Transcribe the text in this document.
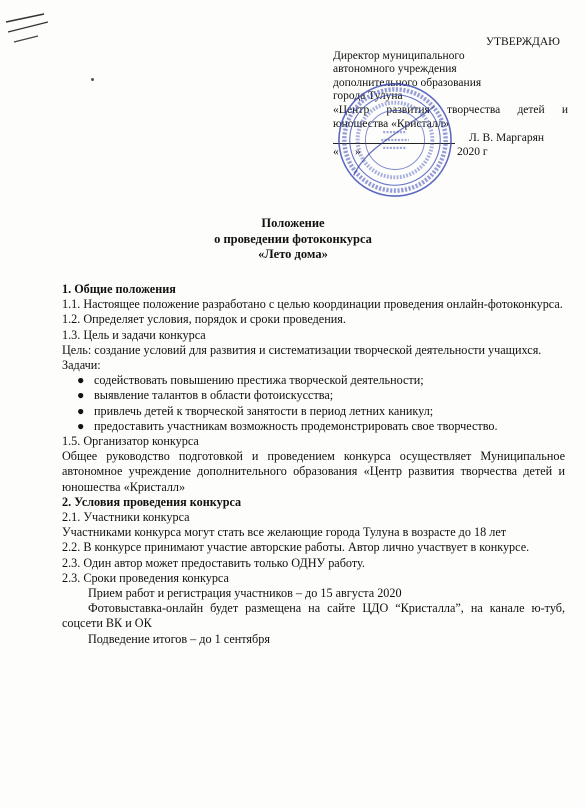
УТВЕРЖДАЮ
Директор муниципального
автономного учреждения
дополнительного образования
города Тулуна
«Центр развития творчества детей и
юношества «Кристалл»
Л. В. Маргарян
« »	2020 г
Положение
о проведении фотоконкурса
«Лето дома»

1. Общие положения

1.1. Настоящее положение разработано с целью координации проведения онлайн-фотоконкурса.

1.2. Определяет условия, порядок и сроки проведения.

1.3. Цель и задачи конкурса

Цель: создание условий для развития и систематизации творческой деятельности учащихся.

Задачи:

● содействовать повышению престижа творческой деятельности;
● выявление талантов в области фотоискусства;
● привлечь детей к творческой занятости в период летних каникул;
● предоставить участникам возможность продемонстрировать свое творчество.

1.5. Организатор конкурса

Общее руководство подготовкой и проведением конкурса осуществляет Муниципальное автономное учреждение дополнительного образования «Центр развития творчества детей и юношества «Кристалл»

2. Условия проведения конкурса

2.1. Участники конкурса

Участниками конкурса могут стать все желающие города Тулуна в возрасте до 18 лет

2.2. В конкурсе принимают участие авторские работы. Автор лично участвует в конкурсе.

2.3. Один автор может предоставить только ОДНУ работу.

2.3. Сроки проведения конкурса

Прием работ и регистрация участников – до 15 августа 2020

Фотовыставка-онлайн будет размещена на сайте ЦДО “Кристалла”, на канале ю-туб, соцсети ВК и ОК

Подведение итогов – до 1 сентября
